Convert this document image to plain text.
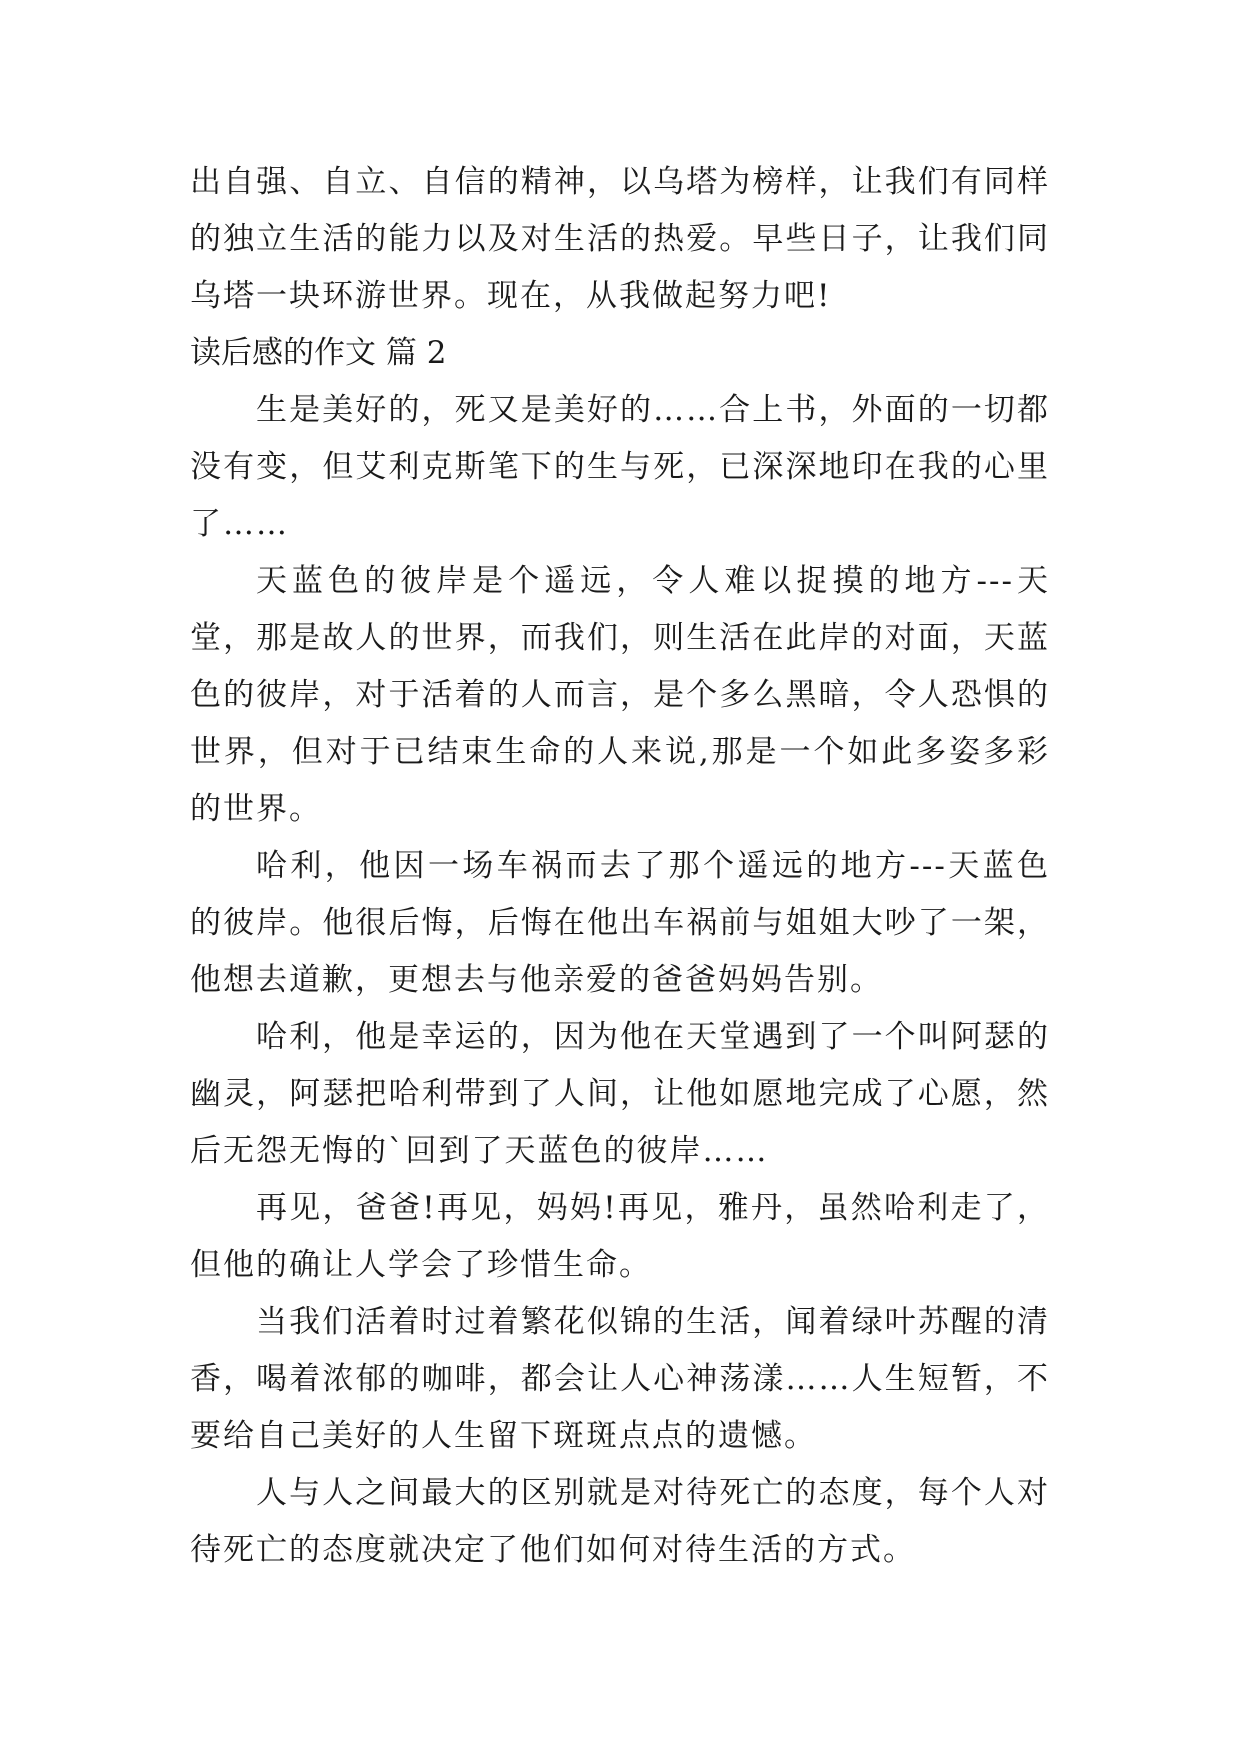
出自强、自立、自信的精神，以乌塔为榜样，让我们有同样的独立生活的能力以及对生活的热爱。早些日子，让我们同乌塔一块环游世界。现在，从我做起努力吧!

读后感的作文 篇 2

生是美好的，死又是美好的……合上书，外面的一切都没有变，但艾利克斯笔下的生与死，已深深地印在我的心里了……

天蓝色的彼岸是个遥远，令人难以捉摸的地方---天堂，那是故人的世界，而我们，则生活在此岸的对面，天蓝色的彼岸，对于活着的人而言，是个多么黑暗，令人恐惧的世界，但对于已结束生命的人来说,那是一个如此多姿多彩的世界。

哈利，他因一场车祸而去了那个遥远的地方---天蓝色的彼岸。他很后悔，后悔在他出车祸前与姐姐大吵了一架，他想去道歉，更想去与他亲爱的爸爸妈妈告别。

哈利，他是幸运的，因为他在天堂遇到了一个叫阿瑟的幽灵，阿瑟把哈利带到了人间，让他如愿地完成了心愿，然后无怨无悔的`回到了天蓝色的彼岸……

再见，爸爸!再见，妈妈!再见，雅丹，虽然哈利走了，但他的确让人学会了珍惜生命。

当我们活着时过着繁花似锦的生活，闻着绿叶苏醒的清香，喝着浓郁的咖啡，都会让人心神荡漾……人生短暂，不要给自己美好的人生留下斑斑点点的遗憾。

人与人之间最大的区别就是对待死亡的态度，每个人对待死亡的态度就决定了他们如何对待生活的方式。
